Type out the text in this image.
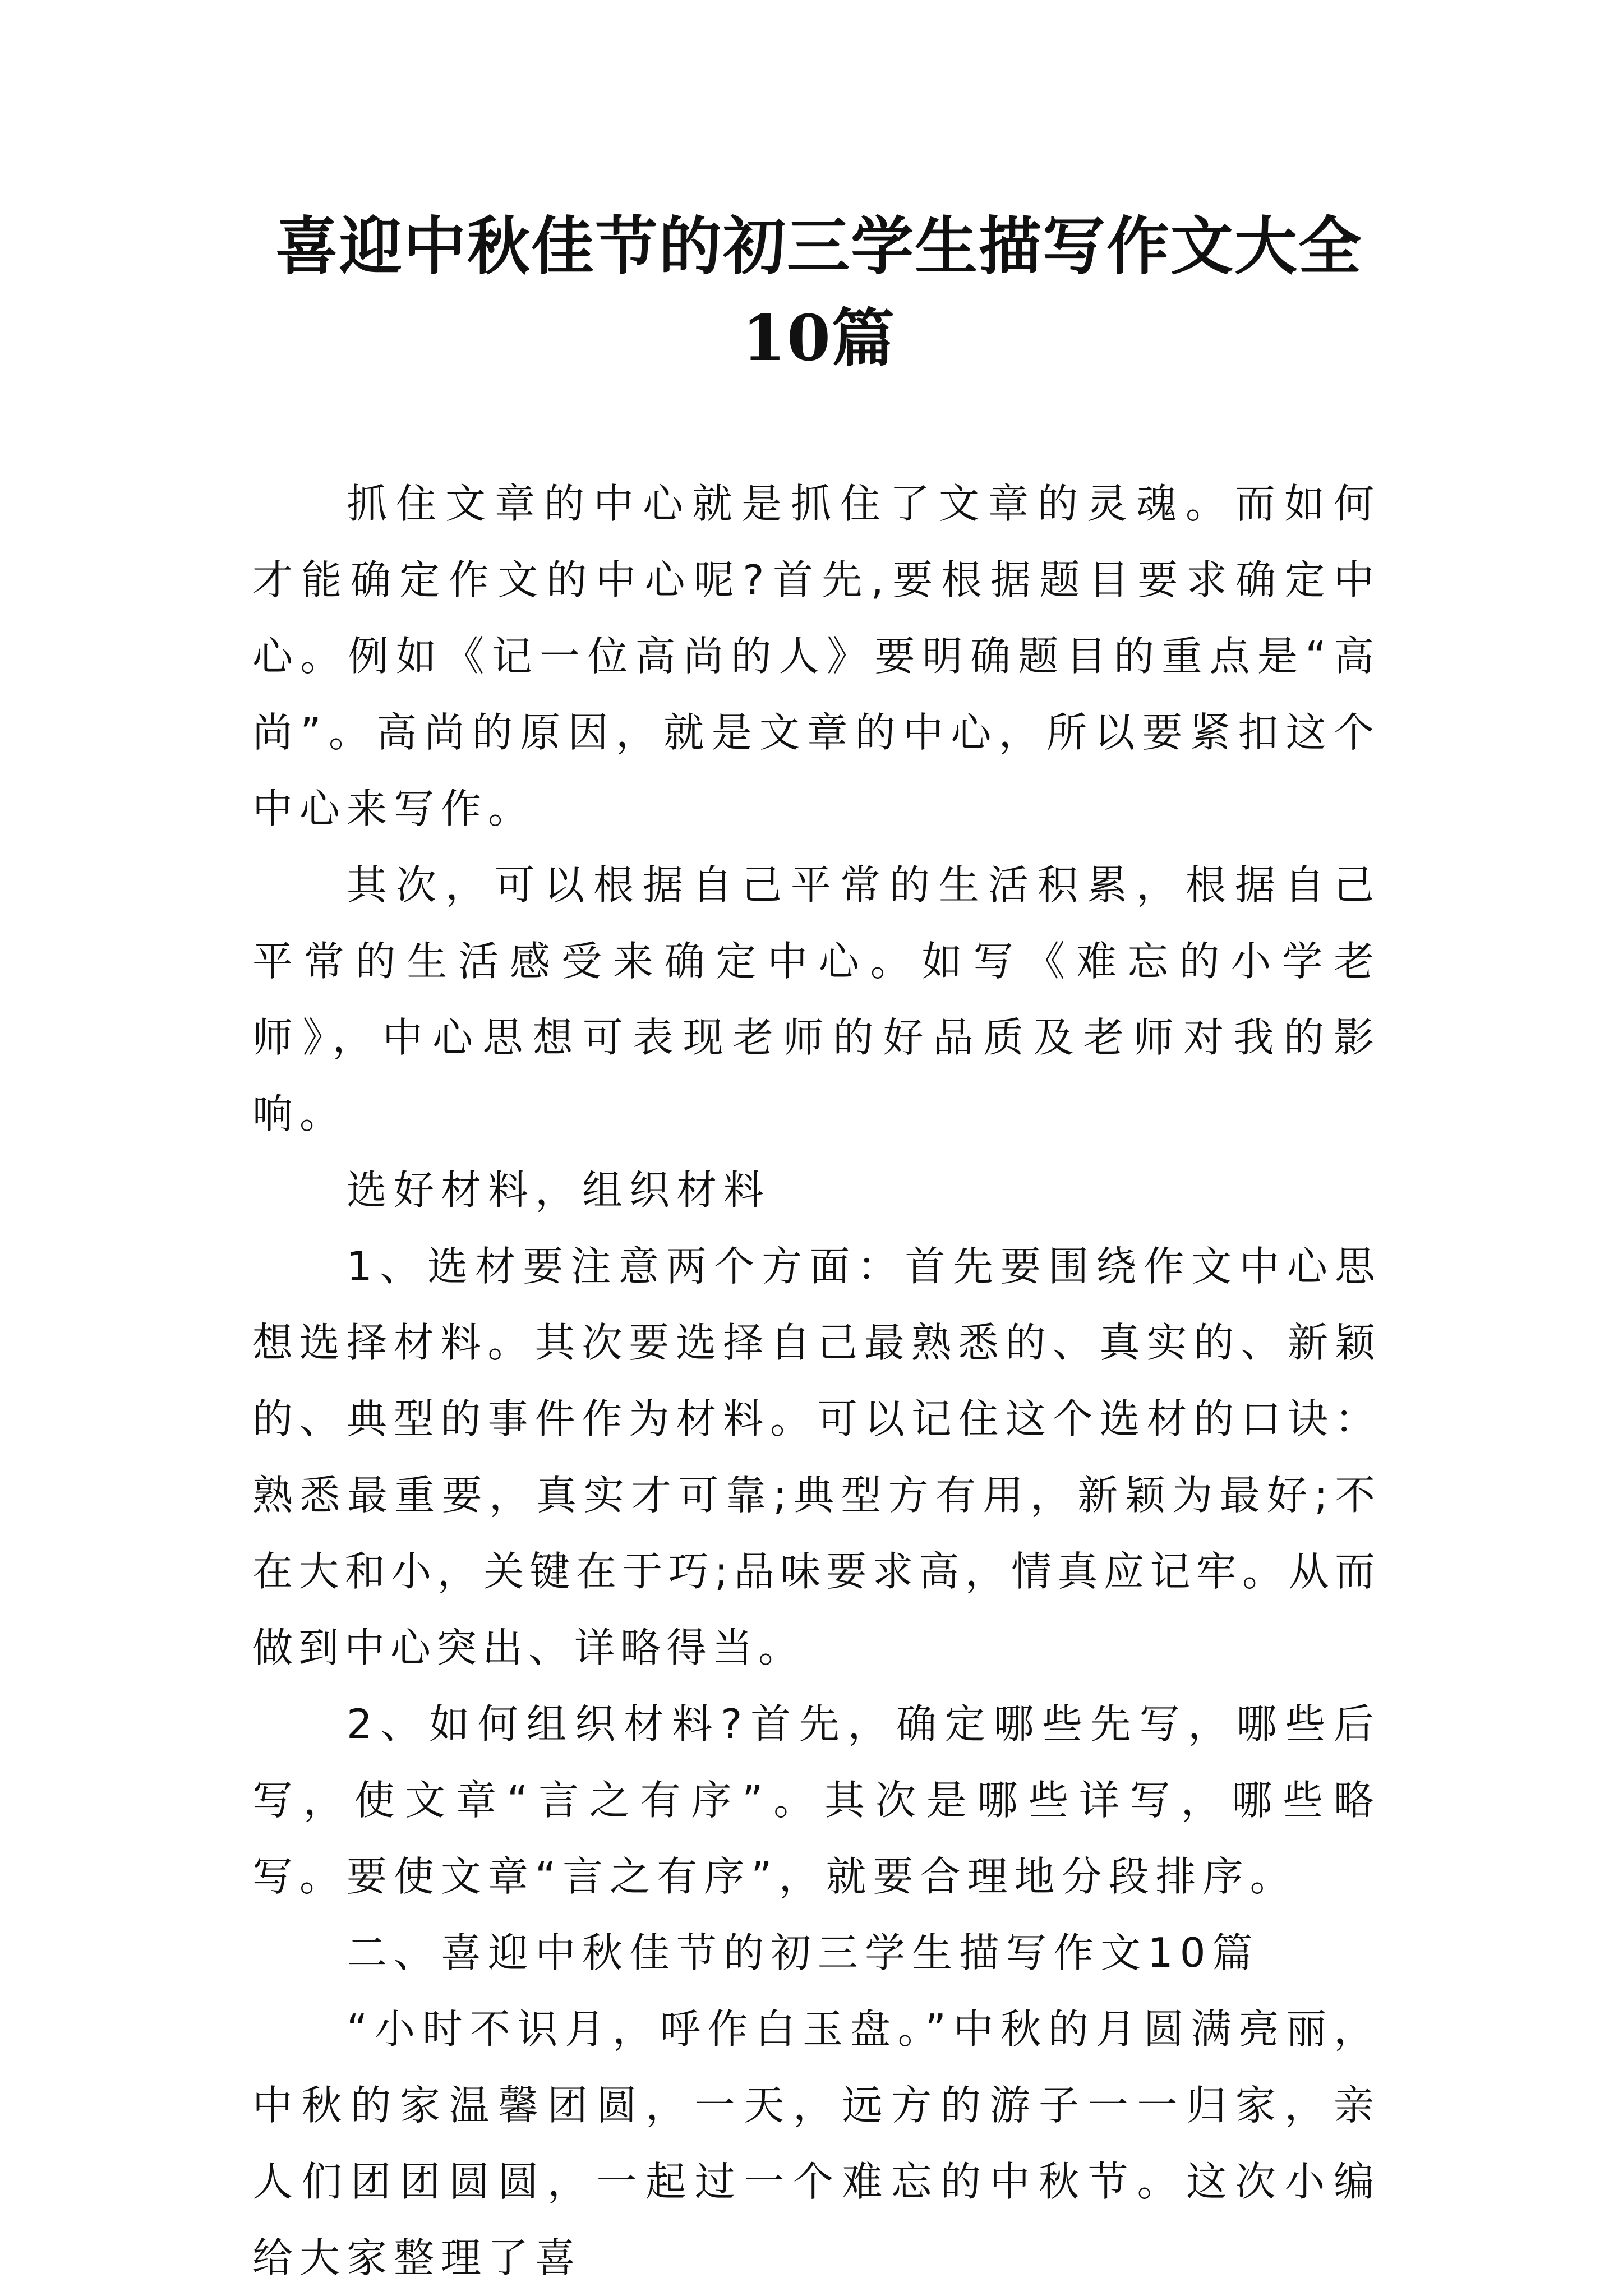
喜迎中秋佳节的初三学生描写作文大全10篇

抓住文章的中心就是抓住了文章的灵魂。而如何才能确定作文的中心呢?首先,要根据题目要求确定中心。例如《记一位高尚的人》要明确题目的重点是“高尚”。高尚的原因，就是文章的中心，所以要紧扣这个中心来写作。

其次，可以根据自己平常的生活积累，根据自己平常的生活感受来确定中心。如写《难忘的小学老师》，中心思想可表现老师的好品质及老师对我的影响。

选好材料，组织材料

1、选材要注意两个方面：首先要围绕作文中心思想选择材料。其次要选择自己最熟悉的、真实的、新颖的、典型的事件作为材料。可以记住这个选材的口诀：熟悉最重要，真实才可靠;典型方有用，新颖为最好;不在大和小，关键在于巧;品味要求高，情真应记牢。从而做到中心突出、详略得当。

2、如何组织材料?首先，确定哪些先写，哪些后写，使文章“言之有序”。其次是哪些详写，哪些略写。要使文章“言之有序”，就要合理地分段排序。

二、喜迎中秋佳节的初三学生描写作文10篇

“小时不识月，呼作白玉盘。”中秋的月圆满亮丽，中秋的家温馨团圆，一天，远方的游子一一归家，亲人们团团圆圆，一起过一个难忘的中秋节。这次小编给大家整理了喜
